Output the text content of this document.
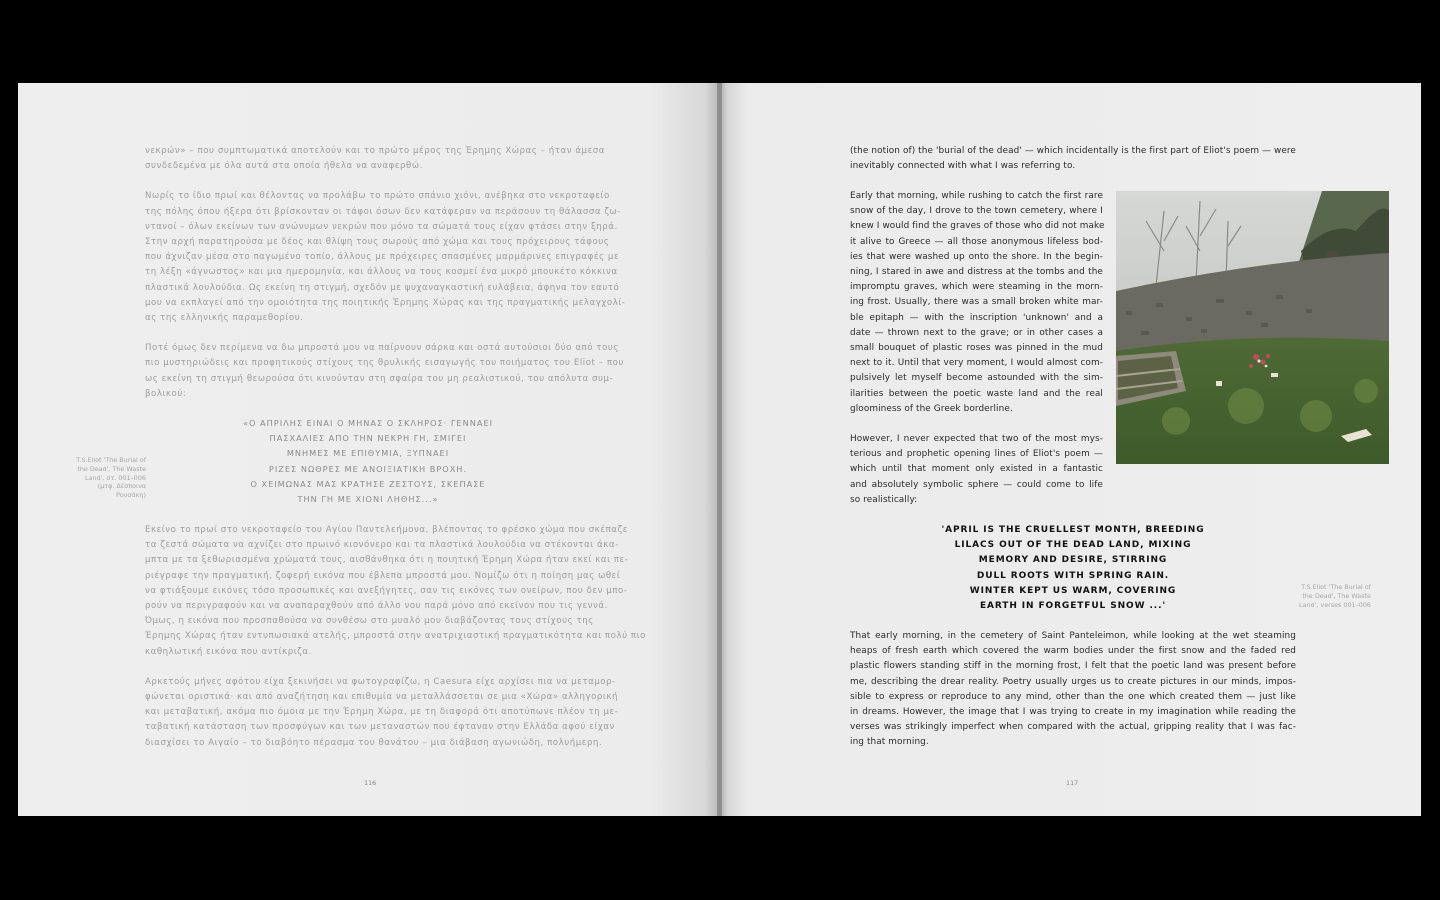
νεκρών» – που συμπτωματικά αποτελούν και το πρώτο μέρος της Έρημης Χώρας – ήταν άμεσα
συνδεδεμένα με όλα αυτά στα οποία ήθελα να αναφερθώ.
Νωρίς το ίδιο πρωί και θέλοντας να προλάβω το πρώτο σπάνιο χιόνι, ανέβηκα στο νεκροταφείο
της πόλης όπου ήξερα ότι βρίσκονταν οι τάφοι όσων δεν κατάφεραν να περάσουν τη θάλασσα ζω-
ντανοί – όλων εκείνων των ανώνυμων νεκρών που μόνο τα σώματά τους είχαν φτάσει στην ξηρά.
Στην αρχή παρατηρούσα με δέος και θλίψη τους σωρούς από χώμα και τους πρόχειρους τάφους
που άχνιζαν μέσα στο παγωμένο τοπίο, άλλους με πρόχειρες σπασμένες μαρμάρινες επιγραφές με
τη λέξη «άγνωστος» και μια ημερομηνία, και άλλους να τους κοσμεί ένα μικρό μπουκέτο κόκκινα
πλαστικά λουλούδια. Ως εκείνη τη στιγμή, σχεδόν με ψυχαναγκαστική ευλάβεια, άφηνα τον εαυτό
μου να εκπλαγεί από την ομοιότητα της ποιητικής Έρημης Χώρας και της πραγματικής μελαγχολί-
ας της ελληνικής παραμεθορίου.
Ποτέ όμως δεν περίμενα να δω μπροστά μου να παίρνουν σάρκα και οστά αυτούσιοι δύο από τους
πιο μυστηριώδεις και προφητικούς στίχους της θρυλικής εισαγωγής του ποιήματος του Eliot – που
ως εκείνη τη στιγμή θεωρούσα ότι κινούνταν στη σφαίρα του μη ρεαλιστικού, του απόλυτα συμ-
βολικού:
«Ο ΑΠΡΙΛΗΣ ΕΙΝΑΙ Ο ΜΗΝΑΣ Ο ΣΚΛΗΡΟΣ· ΓΕΝΝΑΕΙ
ΠΑΣΧΑΛΙΕΣ ΑΠΟ ΤΗΝ ΝΕΚΡΗ ΓΗ, ΣΜΙΓΕΙ
ΜΝΗΜΕΣ ΜΕ ΕΠΙΘΥΜΙΑ, ΞΥΠΝΑΕΙ
ΡΙΖΕΣ ΝΩΘΡΕΣ ΜΕ ΑΝΟΙΞΙΑΤΙΚΗ ΒΡΟΧΗ.
Ο ΧΕΙΜΩΝΑΣ ΜΑΣ ΚΡΑΤΗΣΕ ΖΕΣΤΟΥΣ, ΣΚΕΠΑΣΕ
ΤΗΝ ΓΗ ΜΕ ΧΙΟΝΙ ΛΗΘΗΣ...»
T.S.Eliot 'The Burial of
the Dead', The Waste
Land', στ. 001–006
(μτφ. Δέσποινα
Ρουσάκη)
Εκείνο το πρωί στο νεκροταφείο του Αγίου Παντελεήμονα, βλέποντας το φρέσκο χώμα που σκέπαζε
τα ζεστά σώματα να αχνίζει στο πρωινό κιονόνερο και τα πλαστικά λουλούδια να στέκονται άκα-
μπτα με τα ξεθωριασμένα χρώματά τους, αισθάνθηκα ότι η ποιητική Έρημη Χώρα ήταν εκεί και πε-
ριέγραφε την πραγματική, ζοφερή εικόνα που έβλεπα μπροστά μου. Νομίζω ότι η ποίηση μας ωθεί
να φτιάξουμε εικόνες τόσο προσωπικές και ανεξήγητες, σαν τις εικόνες των ονείρων, που δεν μπο-
ρούν να περιγραφούν και να αναπαραχθούν από άλλο νου παρά μόνο από εκείνον που τις γεννά.
Όμως, η εικόνα που προσπαθούσα να συνθέσω στο μυαλό μου διαβάζοντας τους στίχους της
Έρημης Χώρας ήταν εντυπωσιακά ατελής, μπροστά στην ανατριχιαστική πραγματικότητα και πολύ πιο
καθηλωτική εικόνα που αντίκριζα.
Αρκετούς μήνες αφότου είχα ξεκινήσει να φωτογραφίζω, η Caesura είχε αρχίσει πια να μεταμορ-
φώνεται οριστικά· και από αναζήτηση και επιθυμία να μεταλλάσσεται σε μια «Χώρα» αλληγορική
και μεταβατική, ακόμα πιο όμοια με την Έρημη Χώρα, με τη διαφορά ότι αποτύπωνε πλέον τη με-
ταβατική κατάσταση των προσφύγων και των μεταναστών που έφταναν στην Ελλάδα αφού είχαν
διασχίσει το Αιγαίο – το διαβόητο πέρασμα του θανάτου – μια διάβαση αγωνιώδη, πολυήμερη.
116
(the notion of) the 'burial of the dead' — which incidentally is the first part of Eliot's poem — were
inevitably connected with what I was referring to.
Early that morning, while rushing to catch the first rare
snow of the day, I drove to the town cemetery, where I
knew I would find the graves of those who did not make
it alive to Greece — all those anonymous lifeless bod-
ies that were washed up onto the shore. In the begin-
ning, I stared in awe and distress at the tombs and the
impromptu graves, which were steaming in the morn-
ing frost. Usually, there was a small broken white mar-
ble epitaph — with the inscription 'unknown' and a
date — thrown next to the grave; or in other cases a
small bouquet of plastic roses was pinned in the mud
next to it. Until that very moment, I would almost com-
pulsively let myself become astounded with the sim-
ilarities between the poetic waste land and the real
gloominess of the Greek borderline.
However, I never expected that two of the most mys-
terious and prophetic opening lines of Eliot's poem —
which until that moment only existed in a fantastic
and absolutely symbolic sphere — could come to life
so realistically:
'APRIL IS THE CRUELLEST MONTH, BREEDING
LILACS OUT OF THE DEAD LAND, MIXING
MEMORY AND DESIRE, STIRRING
DULL ROOTS WITH SPRING RAIN.
WINTER KEPT US WARM, COVERING
EARTH IN FORGETFUL SNOW ...'
T.S.Eliot 'The Burial of
the Dead', The Waste
Land', verses 001–006
That early morning, in the cemetery of Saint Panteleimon, while looking at the wet steaming
heaps of fresh earth which covered the warm bodies under the first snow and the faded red
plastic flowers standing stiff in the morning frost, I felt that the poetic land was present before
me, describing the drear reality. Poetry usually urges us to create pictures in our minds, impos-
sible to express or reproduce to any mind, other than the one which created them — just like
in dreams. However, the image that I was trying to create in my imagination while reading the
verses was strikingly imperfect when compared with the actual, gripping reality that I was fac-
ing that morning.
117
